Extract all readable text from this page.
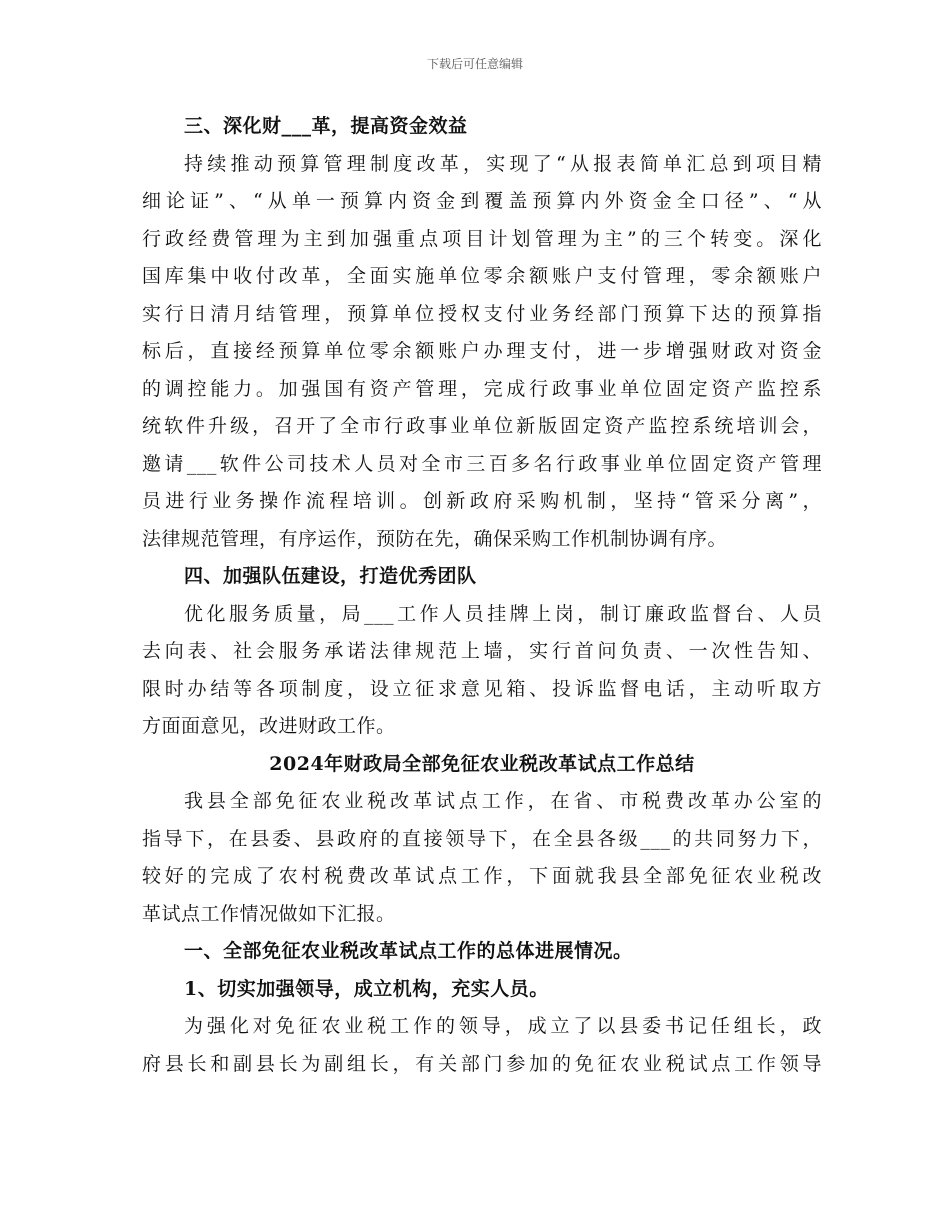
下载后可任意编辑

三、深化财___革，提高资金效益

持续推动预算管理制度改革，实现了“从报表简单汇总到项目精

细论证”、“从单一预算内资金到覆盖预算内外资金全口径”、“从

行政经费管理为主到加强重点项目计划管理为主”的三个转变。深化

国库集中收付改革，全面实施单位零余额账户支付管理，零余额账户

实行日清月结管理，预算单位授权支付业务经部门预算下达的预算指

标后，直接经预算单位零余额账户办理支付，进一步增强财政对资金

的调控能力。加强国有资产管理，完成行政事业单位固定资产监控系

统软件升级，召开了全市行政事业单位新版固定资产监控系统培训会，

邀请___软件公司技术人员对全市三百多名行政事业单位固定资产管理

员进行业务操作流程培训。创新政府采购机制，坚持“管采分离”，

法律规范管理，有序运作，预防在先，确保采购工作机制协调有序。

四、加强队伍建设，打造优秀团队

优化服务质量，局___工作人员挂牌上岗，制订廉政监督台、人员

去向表、社会服务承诺法律规范上墙，实行首问负责、一次性告知、

限时办结等各项制度，设立征求意见箱、投诉监督电话，主动听取方

方面面意见，改进财政工作。

2024年财政局全部免征农业税改革试点工作总结

我县全部免征农业税改革试点工作，在省、市税费改革办公室的

指导下，在县委、县政府的直接领导下，在全县各级___的共同努力下，

较好的完成了农村税费改革试点工作，下面就我县全部免征农业税改

革试点工作情况做如下汇报。

一、全部免征农业税改革试点工作的总体进展情况。

1、切实加强领导，成立机构，充实人员。

为强化对免征农业税工作的领导，成立了以县委书记任组长，政

府县长和副县长为副组长，有关部门参加的免征农业税试点工作领导
